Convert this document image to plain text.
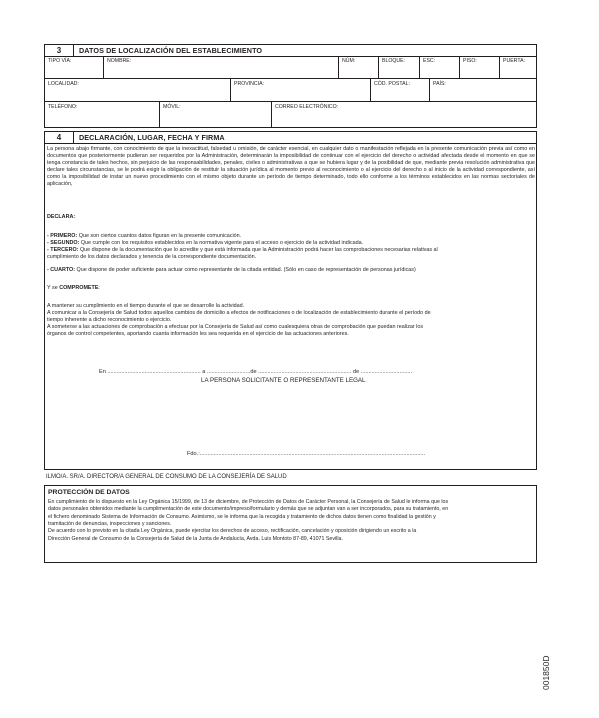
3	DATOS DE LOCALIZACIÓN DEL ESTABLECIMIENTO
TIPO VÍA:	NOMBRE:	NÚM:	BLOQUE:	ESC:	PISO:	PUERTA:
LOCALIDAD:	PROVINCIA:	CÓD. POSTAL:	PAÍS:
TELÉFONO:	MÓVIL:	CORREO ELECTRÓNICO:
4	DECLARACIÓN, LUGAR, FECHA Y FIRMA
La persona abajo firmante, con conocimiento de que la inexactitud, falsedad u omisión, de carácter esencial, en cualquier dato o manifestación reflejada en la presente comunicación previa así como en documentos que posteriormente pudieran ser requeridos por la Administración, determinarán la imposibilidad de continuar con el ejercicio del derecho o actividad afectada desde el momento en que se tenga constancia de tales hechos, sin perjuicio de las responsabilidades, penales, civiles o administrativas a que se hubiera lugar y de la posibilidad de que, mediante previa resolución administrativa que declare tales circunstancias, se le podrá exigir la obligación de restituir la situación jurídica al momento previo al reconocimiento o al ejercicio del derecho o al inicio de la actividad correspondiente, así como la imposibilidad de instar un nuevo procedimiento con el mismo objeto durante un período de tiempo determinado, todo ello conforme a los términos establecidos en las normas sectoriales de aplicación,
DECLARA:
- PRIMERO: Que son ciertos cuantos datos figuran en la presente comunicación.
- SEGUNDO: Que cumple con los requisitos establecidos en la normativa vigente para el acceso o ejercicio de la actividad indicada.
- TERCERO: Que dispone de la documentación que lo acredite y que está informada que la Administración podrá hacer las comprobaciones necesarias relativas al
cumplimiento de los datos declarados y tenencia de la correspondiente documentación.
- CUARTO: Que dispone de poder suficiente para actuar como representante de la citada entidad. (Sólo en caso de representación de personas jurídicas)
Y se COMPROMETE:
A mantener su cumplimiento en el tiempo durante el que se desarrolle la actividad.
A comunicar a la Consejería de Salud todos aquellos cambios de domicilio a efectos de notificaciones o de localización de establecimiento durante el período de
tiempo inherente a dicho reconocimiento o ejercicio.
A someterse a las actuaciones de comprobación a efectuar por la Consejería de Salud así como cualesquiera otras de comprobación que puedan realizar los
órganos de control competentes, aportando cuanta información les sea requerida en el ejercicio de las actuaciones anteriores.
En ............................................................ a ............................de ............................................................ de .................................
LA PERSONA SOLICITANTE O REPRESENTANTE LEGAL
Fdo.:.................................................................................................................................................
ILMO/A. SR/A. DIRECTOR/A GENERAL DE CONSUMO DE LA CONSEJERÍA DE SALUD
PROTECCIÓN DE DATOS
En cumplimiento de lo dispuesto en la Ley Orgánica 15/1999, de 13 de diciembre, de Protección de Datos de Carácter Personal, la Consejería de Salud le informa que los
datos personales obtenidos mediante la cumplimentación de este documento/impreso/formulario y demás que se adjuntan van a ser incorporados, para su tratamiento, en
el fichero denominado Sistema de Información de Consumo. Asimismo, se le informa que la recogida y tratamiento de dichos datos tienen como finalidad la gestión y
tramitación de denuncias, inspecciones y sanciones.
De acuerdo con lo previsto en la citada Ley Orgánica, puede ejercitar los derechos de acceso, rectificación, cancelación y oposición dirigiendo un escrito a la
Dirección General de Consumo de la Consejería de Salud de la Junta de Andalucía, Avda. Luis Montoto 87-89, 41071 Sevilla.
001850D
